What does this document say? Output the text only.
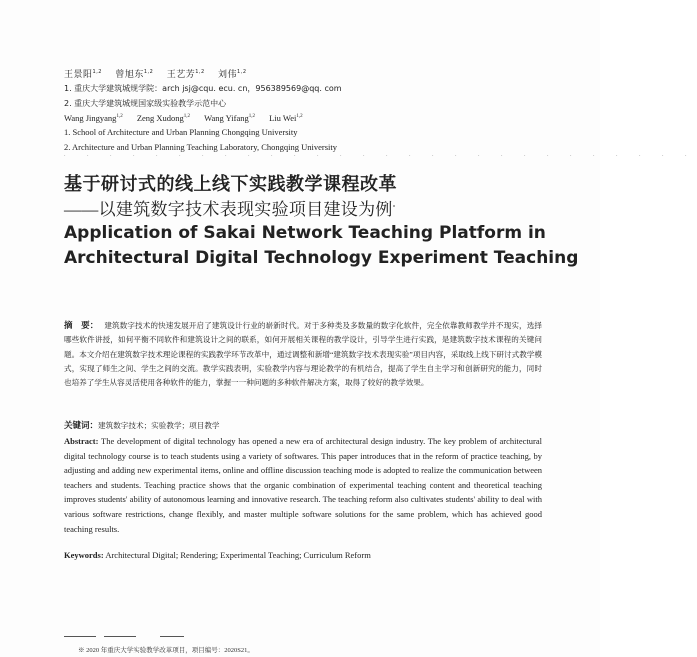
王景阳$^{1,2}$ 曾旭东$^{1,2}$ 王艺芳$^{1,2}$ 刘伟$^{1,2}$
1. 重庆大学建筑城规学院：arch jsj@cqu. ecu. cn，956389569@qq. com
2. 重庆大学建筑城规国家级实验教学示范中心
Wang Jingyang$^{1,2}$ Zeng Xudong$^{1,2}$ Wang Yifang$^{1,2}$ Liu Wei$^{1,2}$
1. School of Architecture and Urban Planning Chongqing University
2. Architecture and Urban Planning Teaching Laboratory, Chongqing University
. . . . . . . . . . . . . . . . . . . . . . . . . . . .
基于研讨式的线上线下实践教学课程改革
——以建筑数字技术表现实验项目建设为例*
Application of Sakai Network Teaching Platform in
Architectural Digital Technology Experiment Teaching
摘　要： 建筑数字技术的快速发展开启了建筑设计行业的崭新时代。对于多种类及多数量的数字化软件，完全依靠教师教学并不现实，选择哪些软件讲授，如何平衡不同软件和建筑设计之间的联系，如何开展相关课程的教学设计，引导学生进行实践，是建筑数字技术课程的关键问题。本文介绍在建筑数字技术理论课程的实践教学环节改革中，通过调整和新增“建筑数字技术表现实验”项目内容，采取线上线下研讨式教学模式，实现了师生之间、学生之间的交流。教学实践表明，实验教学内容与理论教学的有机结合，提高了学生自主学习和创新研究的能力，同时也培养了学生从容灵活使用各种软件的能力，掌握一一种问题的多种软件解决方案，取得了较好的教学效果。
关键词：建筑数字技术；实验教学；项目教学
Abstract: The development of digital technology has opened a new era of architectural design industry. The key problem of architectural digital technology course is to teach students using a variety of softwares. This paper introduces that in the reform of practice teaching, by adjusting and adding new experimental items, online and offline discussion teaching mode is adopted to realize the communication between teachers and students. Teaching practice shows that the organic combination of experimental teaching content and theoretical teaching improves students' ability of autonomous learning and innovative research. The teaching reform also cultivates students' ability to deal with various software restrictions, change flexibly, and master multiple software solutions for the same problem, which has achieved good teaching results.
Keywords: Architectural Digital; Rendering; Experimental Teaching; Curriculum Reform
※ 2020 年重庆大学实验教学改革项目，项目编号：2020S21。
